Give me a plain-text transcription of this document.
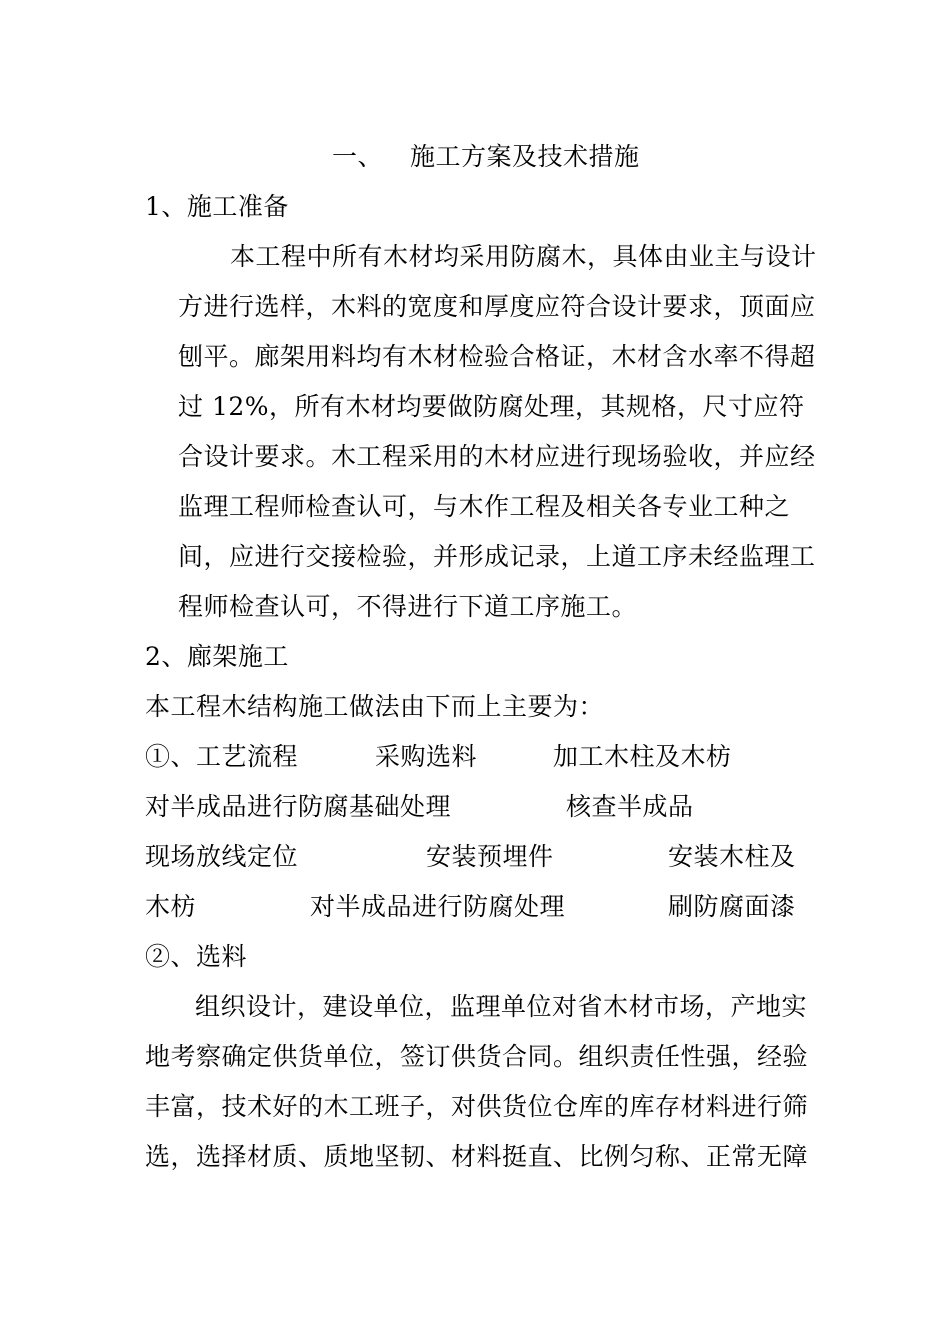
一、 施工方案及技术措施
1、施工准备
本工程中所有木材均采用防腐木，具体由业主与设计
方进行选样，木料的宽度和厚度应符合设计要求，顶面应
刨平。廊架用料均有木材检验合格证，木材含水率不得超
过 12%，所有木材均要做防腐处理，其规格，尺寸应符
合设计要求。木工程采用的木材应进行现场验收，并应经
监理工程师检查认可，与木作工程及相关各专业工种之
间，应进行交接检验，并形成记录，上道工序未经监理工
程师检查认可，不得进行下道工序施工。
2、廊架施工
本工程木结构施工做法由下而上主要为：
①、工艺流程	采购选料	加工木柱及木枋
对半成品进行防腐基础处理	核查半成品
现场放线定位	安装预埋件	安装木柱及
木枋	对半成品进行防腐处理	刷防腐面漆
②、选料
组织设计，建设单位，监理单位对省木材市场，产地实
地考察确定供货单位，签订供货合同。组织责任性强，经验
丰富，技术好的木工班子，对供货位仓库的库存材料进行筛
选，选择材质、质地坚韧、材料挺直、比例匀称、正常无障
